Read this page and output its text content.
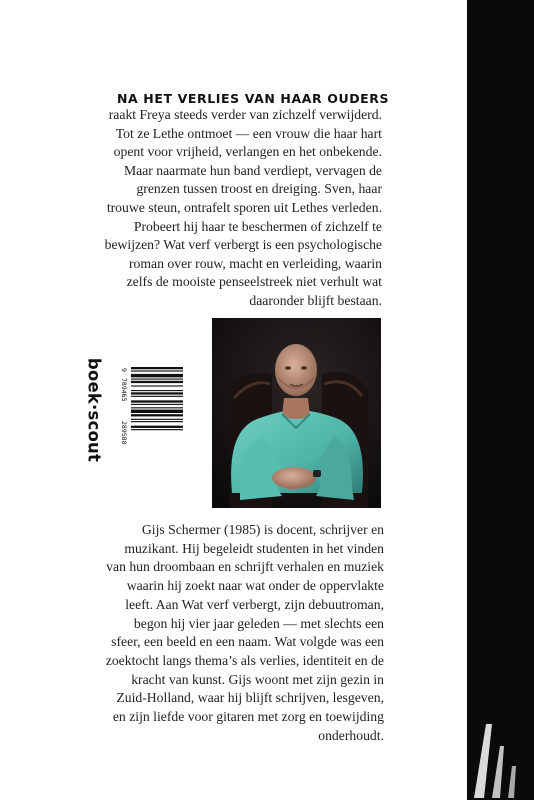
NA HET VERLIES VAN HAAR OUDERS

raakt Freya steeds verder van zichzelf verwijderd. Tot ze Lethe ontmoet — een vrouw die haar hart opent voor vrijheid, verlangen en het onbekende. Maar naarmate hun band verdiept, vervagen de grenzen tussen troost en dreiging. Sven, haar trouwe steun, ontrafelt sporen uit Lethes verleden. Probeert hij haar te beschermen of zichzelf te bewijzen? Wat verf verbergt is een psychologische roman over rouw, macht en verleiding, waarin zelfs de mooiste penseelstreek niet verhult wat daaronder blijft bestaan.

boek·scout	9
789465
289588

Gijs Schermer (1985) is docent, schrijver en muzikant. Hij begeleidt studenten in het vinden van hun droombaan en schrijft verhalen en muziek waarin hij zoekt naar wat onder de oppervlakte leeft. Aan Wat verf verbergt, zijn debuutroman, begon hij vier jaar geleden — met slechts een sfeer, een beeld en een naam. Wat volgde was een zoektocht langs thema’s als verlies, identiteit en de kracht van kunst. Gijs woont met zijn gezin in Zuid-Holland, waar hij blijft schrijven, lesgeven, en zijn liefde voor gitaren met zorg en toewijding onderhoudt.
